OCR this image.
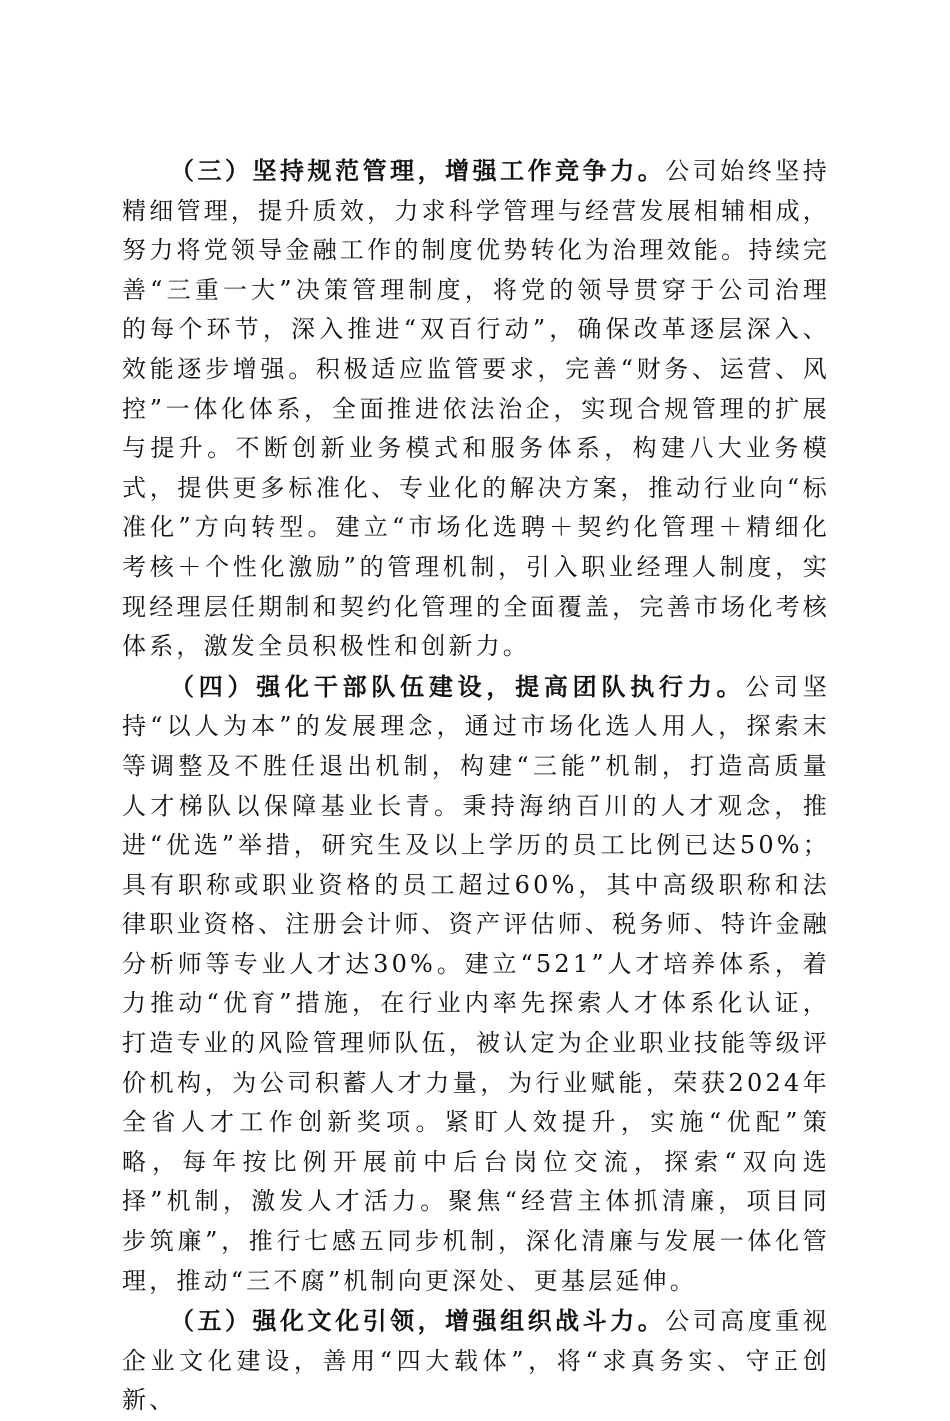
（三）坚持规范管理，增强工作竞争力。公司始终坚持精细管理，提升质效，力求科学管理与经营发展相辅相成，努力将党领导金融工作的制度优势转化为治理效能。持续完善“三重一大”决策管理制度，将党的领导贯穿于公司治理的每个环节，深入推进“双百行动”，确保改革逐层深入、效能逐步增强。积极适应监管要求，完善“财务、运营、风控”一体化体系，全面推进依法治企，实现合规管理的扩展与提升。不断创新业务模式和服务体系，构建八大业务模式，提供更多标准化、专业化的解决方案，推动行业向“标准化”方向转型。建立“市场化选聘＋契约化管理＋精细化考核＋个性化激励”的管理机制，引入职业经理人制度，实现经理层任期制和契约化管理的全面覆盖，完善市场化考核体系，激发全员积极性和创新力。

（四）强化干部队伍建设，提高团队执行力。公司坚持“以人为本”的发展理念，通过市场化选人用人，探索末等调整及不胜任退出机制，构建“三能”机制，打造高质量人才梯队以保障基业长青。秉持海纳百川的人才观念，推进“优选”举措，研究生及以上学历的员工比例已达50%；具有职称或职业资格的员工超过60%，其中高级职称和法律职业资格、注册会计师、资产评估师、税务师、特许金融分析师等专业人才达30%。建立“521”人才培养体系，着力推动“优育”措施，在行业内率先探索人才体系化认证，打造专业的风险管理师队伍，被认定为企业职业技能等级评价机构，为公司积蓄人才力量，为行业赋能，荣获2024年全省人才工作创新奖项。紧盯人效提升，实施“优配”策略，每年按比例开展前中后台岗位交流，探索“双向选择”机制，激发人才活力。聚焦“经营主体抓清廉，项目同步筑廉”，推行七感五同步机制，深化清廉与发展一体化管理，推动“三不腐”机制向更深处、更基层延伸。

（五）强化文化引领，增强组织战斗力。公司高度重视企业文化建设，善用“四大载体”，将“求真务实、守正创新、
